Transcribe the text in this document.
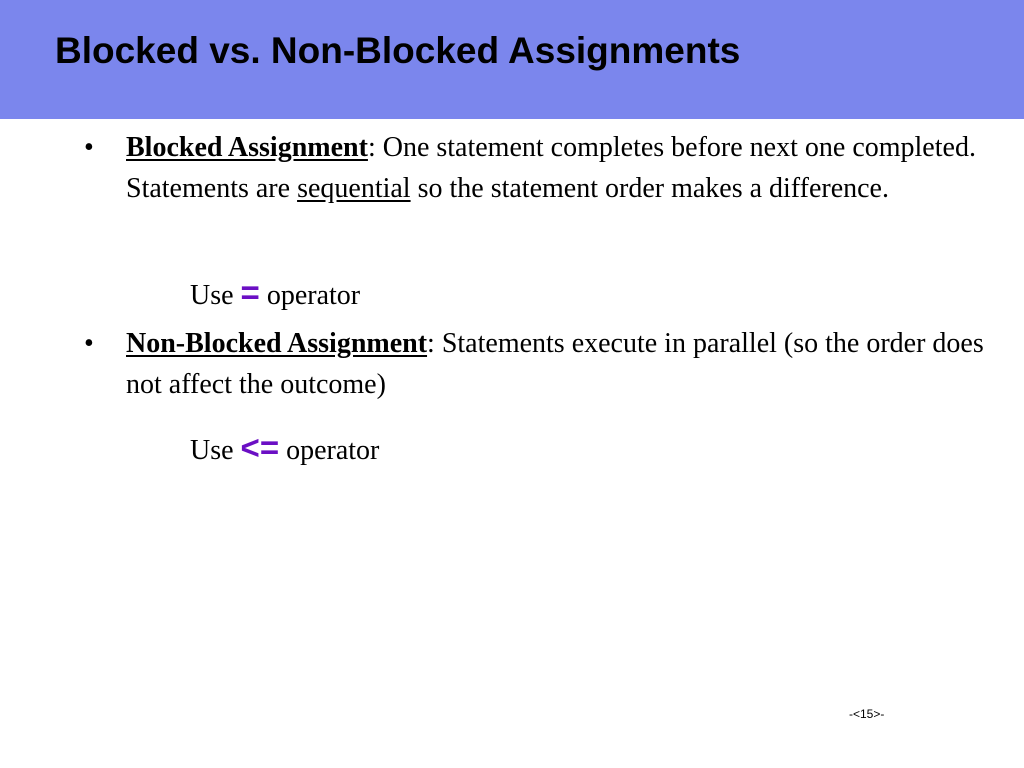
Blocked vs. Non-Blocked Assignments
• Blocked Assignment: One statement completes before next one completed. Statements are sequential so the statement order makes a difference.
Use = operator
• Non-Blocked Assignment: Statements execute in parallel (so the order does not affect the outcome)
Use <= operator
-<15>-
